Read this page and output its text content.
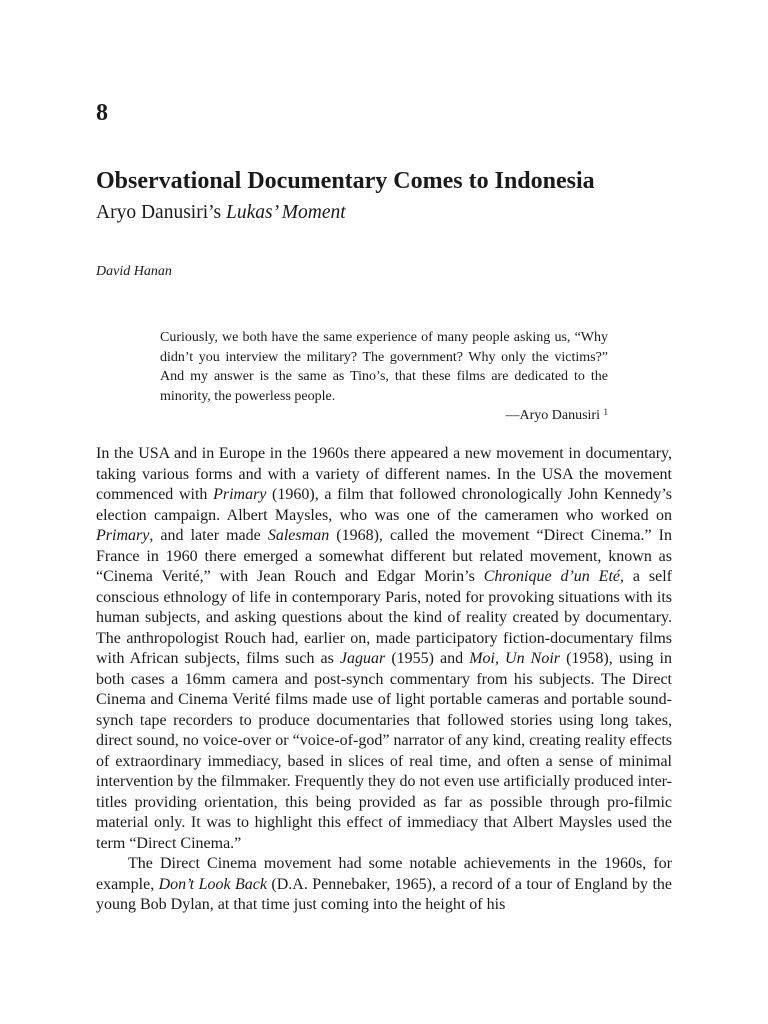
8
Observational Documentary Comes to Indonesia
Aryo Danusiri’s Lukas’ Moment
David Hanan

Curiously, we both have the same experience of many people asking us, “Why didn’t you interview the military? The government? Why only the victims?” And my answer is the same as Tino’s, that these films are dedicated to the minority, the powerless people.

—Aryo Danusiri $^1$

In the USA and in Europe in the 1960s there appeared a new movement in documentary, taking various forms and with a variety of different names. In the USA the movement commenced with Primary (1960), a film that followed chronologically John Kennedy’s election campaign. Albert Maysles, who was one of the cameramen who worked on Primary, and later made Salesman (1968), called the movement “Direct Cinema.” In France in 1960 there emerged a somewhat different but related movement, known as “Cinema Verité,” with Jean Rouch and Edgar Morin’s Chronique d’un Eté, a self conscious ethnology of life in contemporary Paris, noted for provoking situations with its human subjects, and asking questions about the kind of reality created by documentary. The anthropologist Rouch had, earlier on, made participatory fiction-documentary films with African subjects, films such as Jaguar (1955) and Moi, Un Noir (1958), using in both cases a 16mm camera and post-synch commentary from his subjects. The Direct Cinema and Cinema Verité films made use of light portable cameras and portable sound-synch tape recorders to produce documentaries that followed stories using long takes, direct sound, no voice-over or “voice-of-god” narrator of any kind, creating reality effects of extraordinary immediacy, based in slices of real time, and often a sense of minimal intervention by the filmmaker. Frequently they do not even use artificially produced inter-titles providing orientation, this being provided as far as possible through pro-filmic material only. It was to highlight this effect of immediacy that Albert Maysles used the term “Direct Cinema.”

The Direct Cinema movement had some notable achievements in the 1960s, for example, Don’t Look Back (D.A. Pennebaker, 1965), a record of a tour of England by the young Bob Dylan, at that time just coming into the height of his
